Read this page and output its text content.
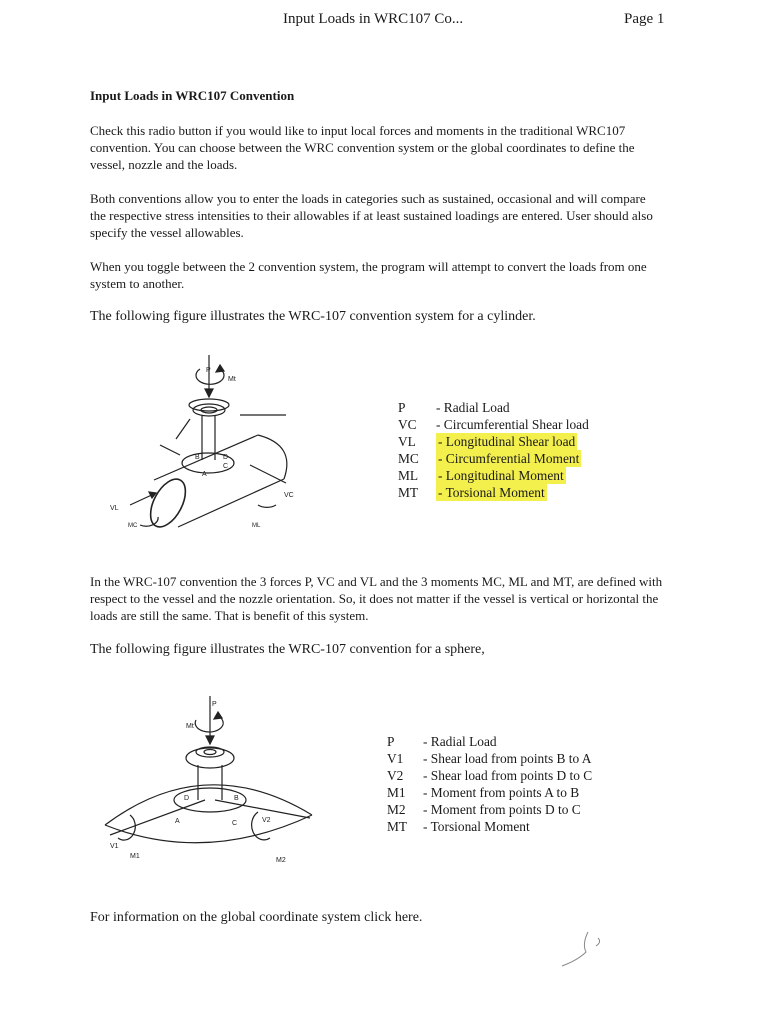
Input Loads in WRC107 Co...	Page 1
Input Loads in WRC107 Convention
Check this radio button if you would like to input local forces and moments in the traditional WRC107 convention. You can choose between the WRC convention system or the global coordinates to define the vessel, nozzle and the loads.
Both conventions allow you to enter the loads in categories such as sustained, occasional and will compare the respective stress intensities to their allowables if at least sustained loadings are entered. User should also specify the vessel allowables.
When you toggle between the 2 convention system, the program will attempt to convert the loads from one system to another.
The following figure illustrates the WRC-107 convention system for a cylinder.
P
Mt
B	D
A
C
VL
VC
MC	ML
P	- Radial Load
VC	- Circumferential Shear load
VL	- Longitudinal Shear load
MC	- Circumferential Moment
ML	- Longitudinal Moment
MT	- Torsional Moment
In the WRC-107 convention the 3 forces P, VC and VL and the 3 moments MC, ML and MT, are defined with respect to the vessel and the nozzle orientation. So, it does not matter if the vessel is vertical or horizontal the loads are still the same. That is benefit of this system.
The following figure illustrates the WRC-107 convention for a sphere,
P
Mt
D	B
A	C
V1
M1
V2
M2
P	- Radial Load
V1	- Shear load from points B to A
V2	- Shear load from points D to C
M1	- Moment from points A to B
M2	- Moment from points D to C
MT	- Torsional Moment
For information on the global coordinate system click here.
